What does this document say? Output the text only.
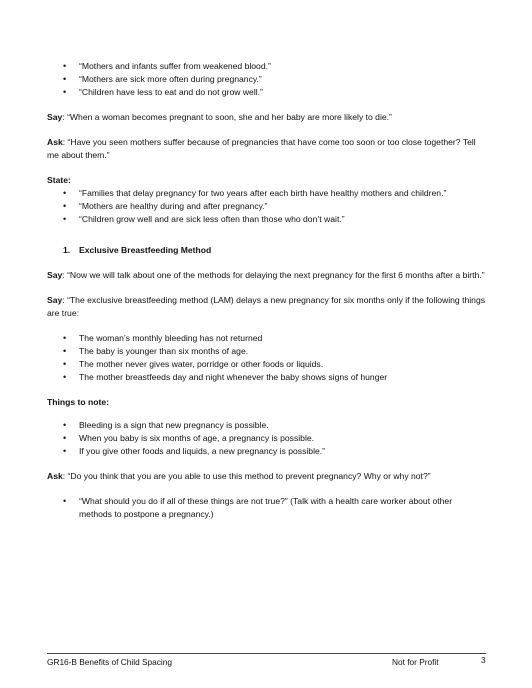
• “Mothers and infants suffer from weakened blood.”
• “Mothers are sick more often during pregnancy.”
• “Children have less to eat and do not grow well.”

Say: “When a woman becomes pregnant to soon, she and her baby are more likely to die.”

Ask: “Have you seen mothers suffer because of pregnancies that have come too soon or too close together? Tell me about them.”

State:

• “Families that delay pregnancy for two years after each birth have healthy mothers and children.”
• “Mothers are healthy during and after pregnancy.”
• “Children grow well and are sick less often than those who don’t wait.”

1. Exclusive Breastfeeding Method

Say: “Now we will talk about one of the methods for delaying the next pregnancy for the first 6 months after a birth.”

Say: “The exclusive breastfeeding method (LAM) delays a new pregnancy for six months only if the following things are true:

• The woman’s monthly bleeding has not returned
• The baby is younger than six months of age.
• The mother never gives water, porridge or other foods or liquids.
• The mother breastfeeds day and night whenever the baby shows signs of hunger

Things to note:

• Bleeding is a sign that new pregnancy is possible.
• When you baby is six months of age, a pregnancy is possible.
• If you give other foods and liquids, a new pregnancy is possible.”

Ask: “Do you think that you are you able to use this method to prevent pregnancy? Why or why not?”

• “What should you do if all of these things are not true?” (Talk with a health care worker about other methods to postpone a pregnancy.)
GR16-B Benefits of Child Spacing	Not for Profit	3
